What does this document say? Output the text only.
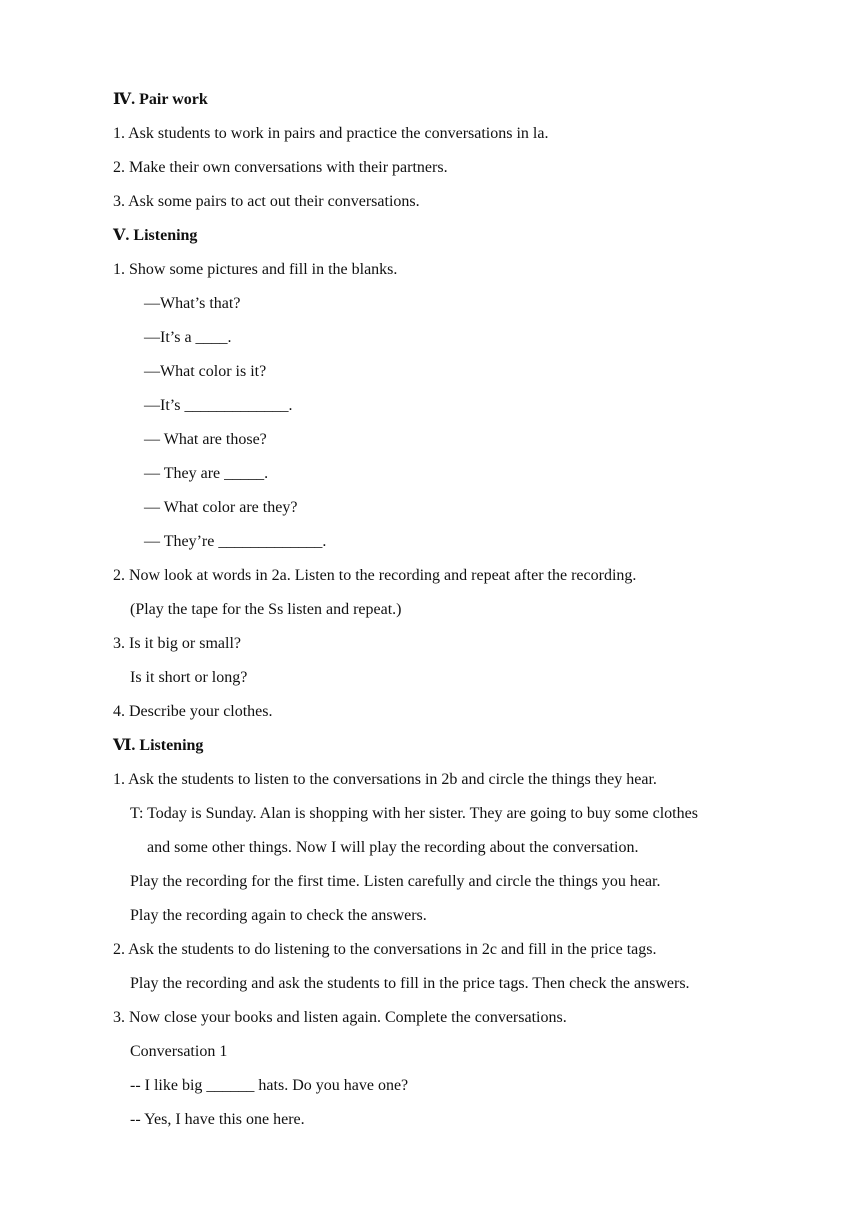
Ⅳ. Pair work
1. Ask students to work in pairs and practice the conversations in la.
2. Make their own conversations with their partners.
3. Ask some pairs to act out their conversations.
Ⅴ. Listening
1. Show some pictures and fill in the blanks.
—What’s that?
—It’s a ____.
—What color is it?
—It’s _____________.
— What are those?
— They are _____.
— What color are they?
— They’re _____________.
2. Now look at words in 2a. Listen to the recording and repeat after the recording.
(Play the tape for the Ss listen and repeat.)
3. Is it big or small?
Is it short or long?
4. Describe your clothes.
Ⅵ. Listening
1. Ask the students to listen to the conversations in 2b and circle the things they hear.
T: Today is Sunday. Alan is shopping with her sister. They are going to buy some clothes
and some other things. Now I will play the recording about the conversation.
Play the recording for the first time. Listen carefully and circle the things you hear.
Play the recording again to check the answers.
2. Ask the students to do listening to the conversations in 2c and fill in the price tags.
Play the recording and ask the students to fill in the price tags. Then check the answers.
3. Now close your books and listen again. Complete the conversations.
Conversation 1
-- I like big ______ hats. Do you have one?
-- Yes, I have this one here.
